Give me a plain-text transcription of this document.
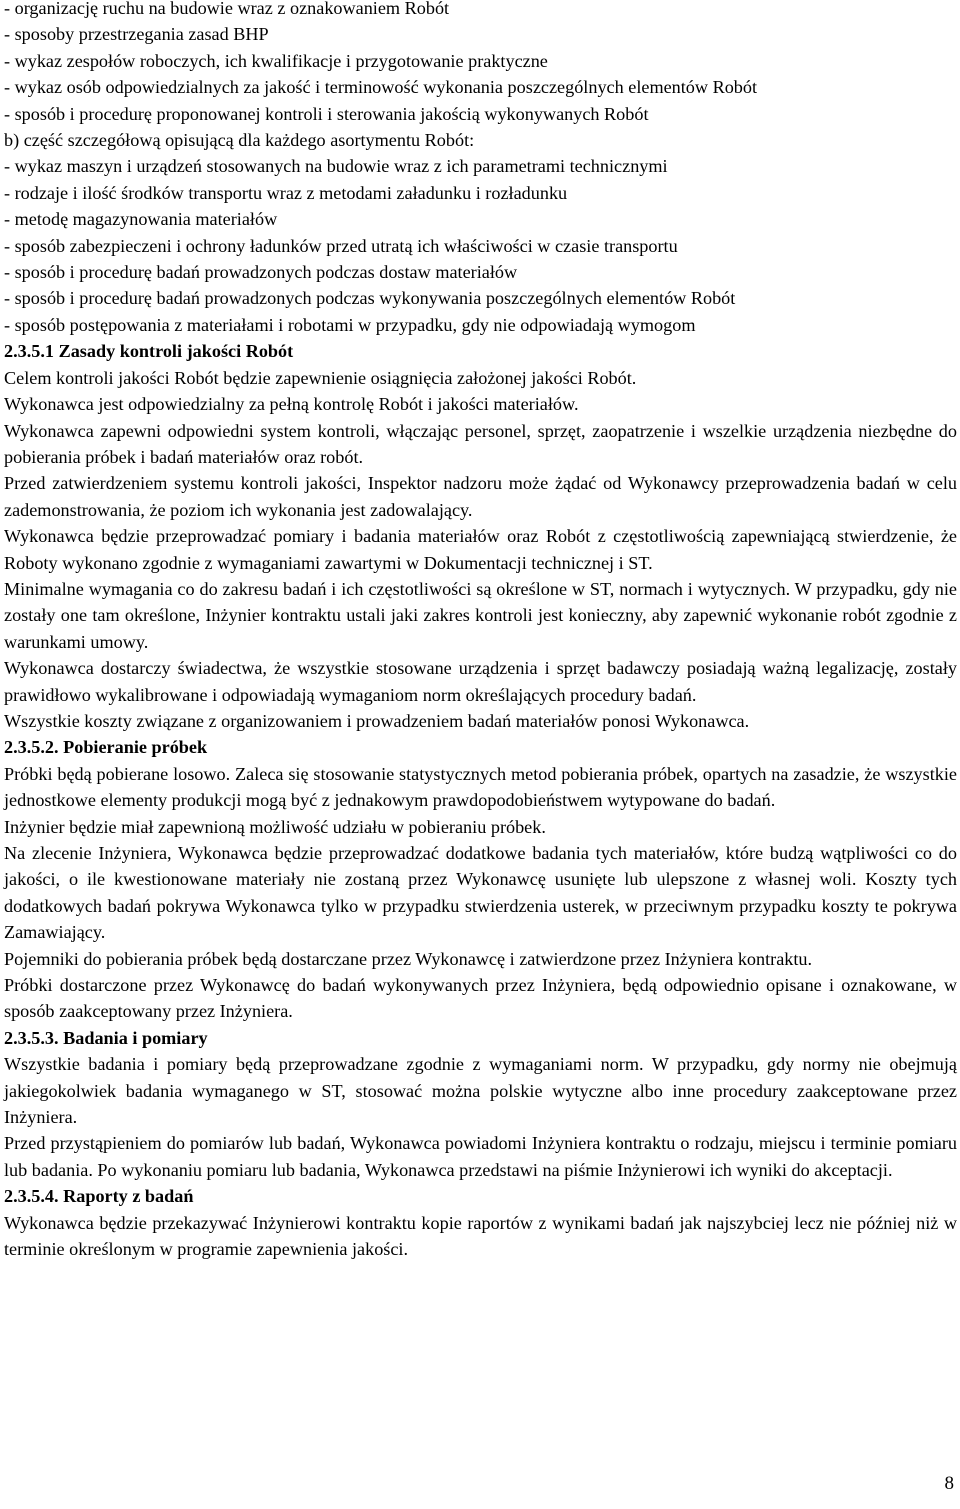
- organizację ruchu na budowie wraz z oznakowaniem Robót

- sposoby przestrzegania zasad BHP

- wykaz zespołów roboczych, ich kwalifikacje i przygotowanie praktyczne

- wykaz osób odpowiedzialnych za jakość i terminowość wykonania poszczególnych elementów Robót

- sposób i procedurę proponowanej kontroli i sterowania jakością wykonywanych Robót

b) część szczegółową opisującą dla każdego asortymentu Robót:

- wykaz maszyn i urządzeń stosowanych na budowie wraz z ich parametrami technicznymi

- rodzaje i ilość środków transportu wraz z metodami załadunku i rozładunku

- metodę magazynowania materiałów

- sposób zabezpieczeni i ochrony ładunków przed utratą ich właściwości w czasie transportu

- sposób i procedurę badań prowadzonych podczas dostaw materiałów

- sposób i procedurę badań prowadzonych podczas wykonywania poszczególnych elementów Robót

- sposób postępowania z materiałami i robotami w przypadku, gdy nie odpowiadają wymogom

2.3.5.1 Zasady kontroli jakości Robót

Celem kontroli jakości Robót będzie zapewnienie osiągnięcia założonej jakości Robót.

Wykonawca jest odpowiedzialny za pełną kontrolę Robót i jakości materiałów.

Wykonawca zapewni odpowiedni system kontroli, włączając personel, sprzęt, zaopatrzenie i wszelkie urządzenia niezbędne do pobierania próbek i badań materiałów oraz robót.

Przed zatwierdzeniem systemu kontroli jakości, Inspektor nadzoru może żądać od Wykonawcy przeprowadzenia badań w celu zademonstrowania, że poziom ich wykonania jest zadowalający.

Wykonawca będzie przeprowadzać pomiary i badania materiałów oraz Robót z częstotliwością zapewniającą stwierdzenie, że Roboty wykonano zgodnie z wymaganiami zawartymi w Dokumentacji technicznej i ST.

Minimalne wymagania co do zakresu badań i ich częstotliwości są określone w ST, normach i wytycznych. W przypadku, gdy nie zostały one tam określone, Inżynier kontraktu ustali jaki zakres kontroli jest konieczny, aby zapewnić wykonanie robót zgodnie z warunkami umowy.

Wykonawca dostarczy świadectwa, że wszystkie stosowane urządzenia i sprzęt badawczy posiadają ważną legalizację, zostały prawidłowo wykalibrowane i odpowiadają wymaganiom norm określających procedury badań.

Wszystkie koszty związane z organizowaniem i prowadzeniem badań materiałów ponosi Wykonawca.

2.3.5.2. Pobieranie próbek

Próbki będą pobierane losowo. Zaleca się stosowanie statystycznych metod pobierania próbek, opartych na zasadzie, że wszystkie jednostkowe elementy produkcji mogą być z jednakowym prawdopodobieństwem wytypowane do badań.

Inżynier będzie miał zapewnioną możliwość udziału w pobieraniu próbek.

Na zlecenie Inżyniera, Wykonawca będzie przeprowadzać dodatkowe badania tych materiałów, które budzą wątpliwości co do jakości, o ile kwestionowane materiały nie zostaną przez Wykonawcę usunięte lub ulepszone z własnej woli. Koszty tych dodatkowych badań pokrywa Wykonawca tylko w przypadku stwierdzenia usterek, w przeciwnym przypadku koszty te pokrywa Zamawiający.

Pojemniki do pobierania próbek będą dostarczane przez Wykonawcę i zatwierdzone przez Inżyniera kontraktu.

Próbki dostarczone przez Wykonawcę do badań wykonywanych przez Inżyniera, będą odpowiednio opisane i oznakowane, w sposób zaakceptowany przez Inżyniera.

2.3.5.3. Badania i pomiary

Wszystkie badania i pomiary będą przeprowadzane zgodnie z wymaganiami norm. W przypadku, gdy normy nie obejmują jakiegokolwiek badania wymaganego w ST, stosować można polskie wytyczne albo inne procedury zaakceptowane przez Inżyniera.

Przed przystąpieniem do pomiarów lub badań, Wykonawca powiadomi Inżyniera kontraktu o rodzaju, miejscu i terminie pomiaru lub badania. Po wykonaniu pomiaru lub badania, Wykonawca przedstawi na piśmie Inżynierowi ich wyniki do akceptacji.

2.3.5.4. Raporty z badań

Wykonawca będzie przekazywać Inżynierowi kontraktu kopie raportów z wynikami badań jak najszybciej lecz nie później niż w terminie określonym w programie zapewnienia jakości.

8
